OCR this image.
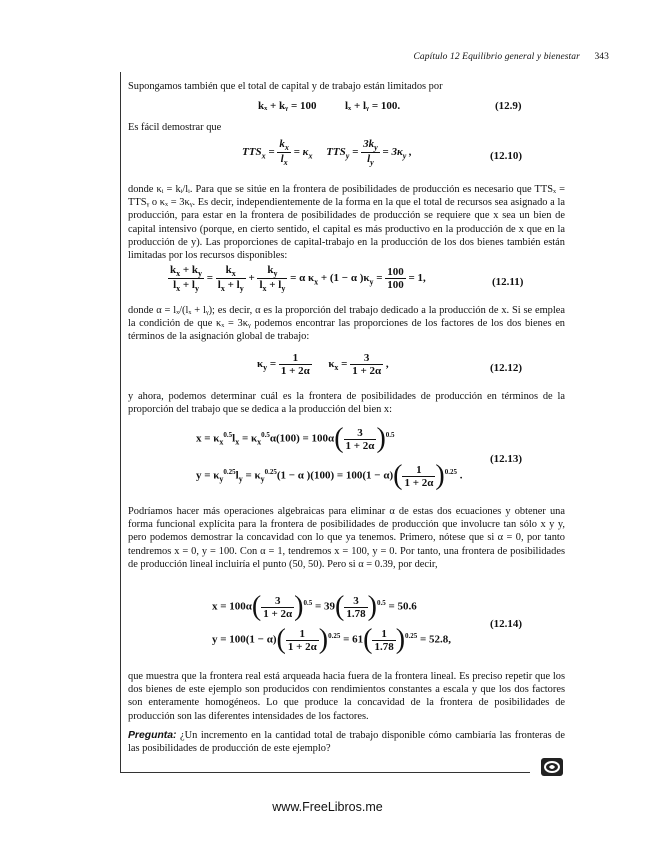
Capítulo 12 Equilibrio general y bienestar 343
Supongamos también que el total de capital y de trabajo están limitados por
kₓ + kᵧ = 100	lₓ + lᵧ = 100.	(12.9)
Es fácil demostrar que
$TTS_x = \frac{k_x}{l_x} = \kappa_x$     $TTS_y = \frac{3k_y}{l_y} = 3\kappa_y$ ,	(12.10)
donde κᵢ = kᵢ/lᵢ. Para que se sitúe en la frontera de posibilidades de producción es necesario que TTSₓ = TTSᵧ o κₓ = 3κᵧ. Es decir, independientemente de la forma en la que el total de recursos sea asignado a la producción, para estar en la frontera de posibilidades de producción se requiere que x sea un bien de capital intensivo (porque, en cierto sentido, el capital es más productivo en la producción de x que en la producción de y). Las proporciones de capital-trabajo en la producción de los dos bienes también están limitadas por los recursos disponibles:
$\frac{k_x + k_y}{l_x + l_y} = \frac{k_x}{l_x + l_y} + \frac{k_y}{l_x + l_y} = \alpha$ $\kappa_x + (1 - \alpha$ )$\kappa_y = \frac{100}{100} = 1$,	(12.11)
donde α = lₓ/(lₓ + lᵧ); es decir, α es la proporción del trabajo dedicado a la producción de x. Si se emplea la condición de que κₓ = 3κᵧ podemos encontrar las proporciones de los factores de los dos bienes en términos de la asignación global de trabajo:
$\kappa_y = \frac{1}{1 + 2\alpha} \kappa_x = \frac{3}{1 + 2\alpha}$ ,	(12.12)
y ahora, podemos determinar cuál es la frontera de posibilidades de producción en términos de la proporción del trabajo que se dedica a la producción del bien x:
$x = \kappa_x^{0.5}l_x = \kappa_x^{0.5}\alpha(100) = 100\alpha( \frac{3}{1 + 2\alpha} )^{0.5}$
$y = \kappa_y^{0.25}l_y = \kappa_y^{0.25}(1 - \alpha$ )$(100) = 100(1 - \alpha)( \frac{1}{1 + 2\alpha} )^{0.25}$ .
(12.13)
Podríamos hacer más operaciones algebraicas para eliminar α de estas dos ecuaciones y obtener una forma funcional explícita para la frontera de posibilidades de producción que involucre tan sólo x y y, pero podemos demostrar la concavidad con lo que ya tenemos. Primero, nótese que si α = 0, por tanto tendremos x = 0, y = 100. Con α = 1, tendremos x = 100, y = 0. Por tanto, una frontera de posibilidades de producción lineal incluiría el punto (50, 50). Pero si α = 0.39, por decir,
$x = 100\alpha( \frac{3}{1 + 2\alpha} )^{0.5} = 39( \frac{3}{1.78} )^{0.5} = 50.6$
$y = 100(1 - \alpha)( \frac{1}{1 + 2\alpha} )^{0.25} = 61( \frac{1}{1.78} )^{0.25} = 52.8$,
(12.14)
que muestra que la frontera real está arqueada hacia fuera de la frontera lineal. Es preciso repetir que los dos bienes de este ejemplo son producidos con rendimientos constantes a escala y que los dos factores son enteramente homogéneos. Lo que produce la concavidad de la frontera de posibilidades de producción son las diferentes intensidades de los factores.
Pregunta: ¿Un incremento en la cantidad total de trabajo disponible cómo cambiaría las fronteras de las posibilidades de producción de este ejemplo?
www.FreeLibros.me
